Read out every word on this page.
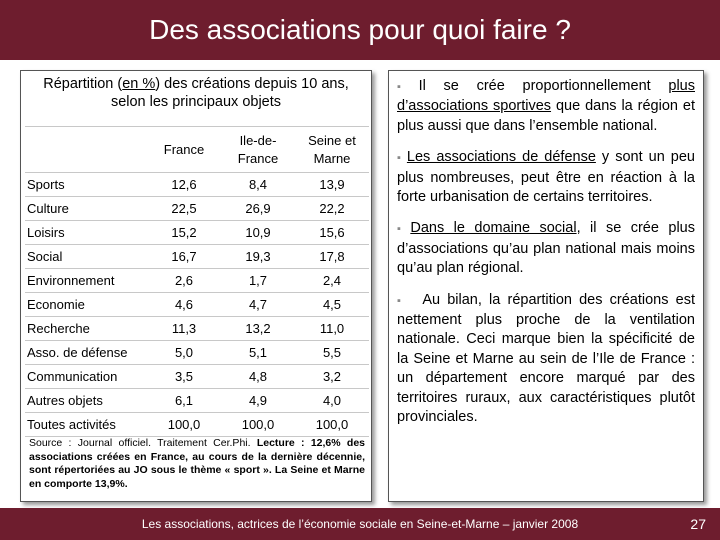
Des associations pour quoi faire ?
Répartition (en %) des créations depuis 10 ans, selon les principaux objets
	France	Ile-de-France	Seine et Marne
Sports	12,6	8,4	13,9
Culture	22,5	26,9	22,2
Loisirs	15,2	10,9	15,6
Social	16,7	19,3	17,8
Environnement	2,6	1,7	2,4
Economie	4,6	4,7	4,5
Recherche	11,3	13,2	11,0
Asso. de défense	5,0	5,1	5,5
Communication	3,5	4,8	3,2
Autres objets	6,1	4,9	4,0
Toutes activités	100,0	100,0	100,0
Source : Journal officiel. Traitement Cer.Phi. Lecture : 12,6% des associations créées en France, au cours de la dernière décennie, sont répertoriées au JO sous le thème « sport ». La Seine et Marne en comporte 13,9%.

▪ Il se crée proportionnellement plus d’associations sportives que dans la région et plus aussi que dans l’ensemble national.

▪ Les associations de défense y sont un peu plus nombreuses, peut être en réaction à la forte urbanisation de certains territoires.

▪ Dans le domaine social, il se crée plus d’associations qu’au plan national mais moins qu’au plan régional.

▪ Au bilan, la répartition des créations est nettement plus proche de la ventilation nationale. Ceci marque bien la spécificité de la Seine et Marne au sein de l’Ile de France : un département encore marqué par des territoires ruraux, aux caractéristiques plutôt provinciales.

Les associations, actrices de l’économie sociale en Seine-et-Marne – janvier 2008	27
